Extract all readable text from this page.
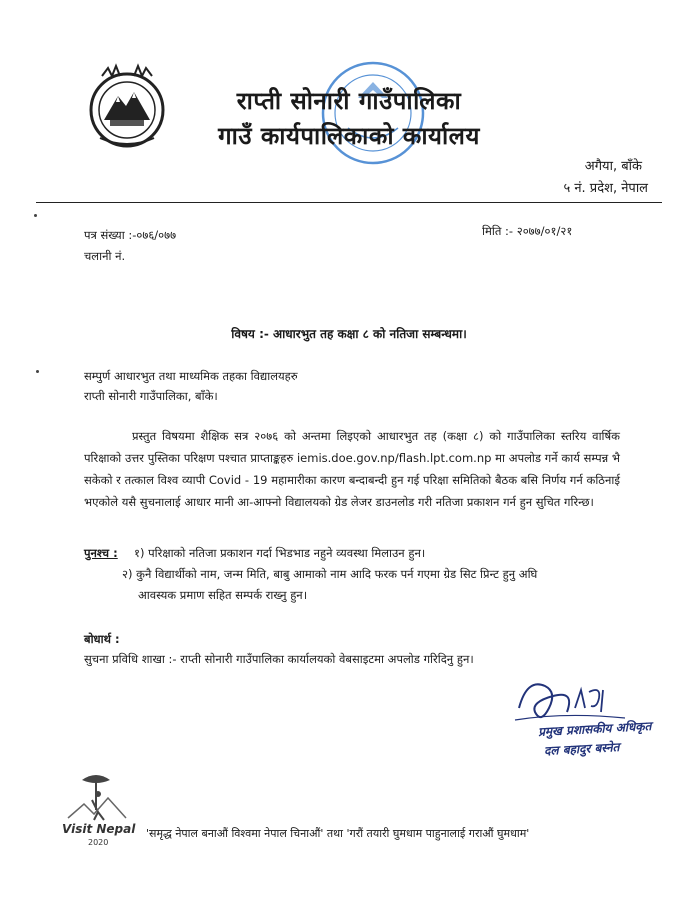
राप्ती सोनारी गाउँपालिका
गाउँ कार्यपालिकाको कार्यालय
अगैया, बाँके
५ नं. प्रदेश, नेपाल
पत्र संख्या :-०७६/०७७
चलानी नं.
मिति :- २०७७/०१/२१
विषय :- आधारभुत तह कक्षा ८ को नतिजा सम्बन्धमा।
सम्पुर्ण आधारभुत तथा माध्यमिक तहका विद्यालयहरु
राप्ती सोनारी गाउँपालिका, बाँके।

प्रस्तुत विषयमा शैक्षिक सत्र २०७६ को अन्तमा लिइएको आधारभुत तह (कक्षा ८) को गाउँपालिका स्तरिय वार्षिक परिक्षाको उत्तर पुस्तिका परिक्षण पश्चात प्राप्ताङ्कहरु iemis.doe.gov.np/flash.lpt.com.np मा अपलोड गर्ने कार्य सम्पन्न भै सकेको र तत्काल विश्व व्यापी Covid - 19 महामारीका कारण बन्दाबन्दी हुन गई परिक्षा समितिको बैठक बसि निर्णय गर्न कठिनाई भएकोले यसै सुचनालाई आधार मानी आ-आफ्नो विद्यालयको ग्रेड लेजर डाउनलोड गरी नतिजा प्रकाशन गर्न हुन सुचित गरिन्छ।

पुनश्च : १) परिक्षाको नतिजा प्रकाशन गर्दा भिडभाड नहुने व्यवस्था मिलाउन हुन।
२) कुनै विद्यार्थीको नाम, जन्म मिति, बाबु आमाको नाम आदि फरक पर्न गएमा ग्रेड सिट प्रिन्ट हुनु अघि
आवस्यक प्रमाण सहित सम्पर्क राख्नु हुन।
बोधार्थ :
सुचना प्रविधि शाखा :- राप्ती सोनारी गाउँपालिका कार्यालयको वेबसाइटमा अपलोड गरिदिनु हुन।
प्रमुख प्रशासकीय अधिकृत
दल बहादुर बस्नेत
Visit Nepal
2020
'समृद्ध नेपाल बनाऔं विश्वमा नेपाल चिनाऔं' तथा 'गरौं तयारी घुमधाम पाहुनालाई गराऔं घुमधाम'
